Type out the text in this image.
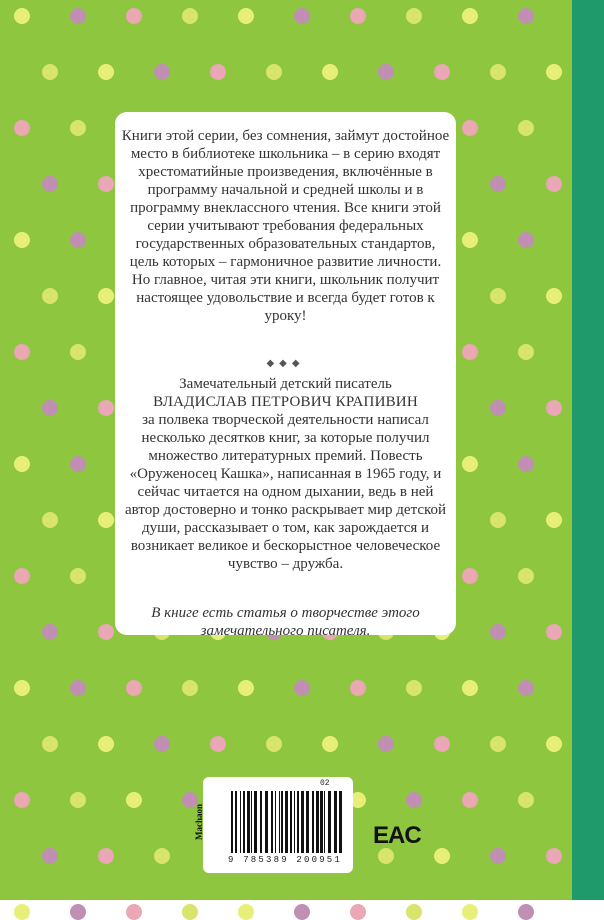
Книги этой серии, без сомнения, займут достойное место в библиотеке школьника – в серию входят хрестоматийные произведения, включённые в программу начальной и средней школы и в программу внеклассного чтения. Все книги этой серии учитывают требования федеральных государственных образовательных стандартов, цель которых – гармоничное развитие личности. Но главное, читая эти книги, школьник получит настоящее удовольствие и всегда будет готов к уроку!

◆◆◆

Замечательный детский писатель
ВЛАДИСЛАВ ПЕТРОВИЧ КРАПИВИН
за полвека творческой деятельности написал несколько десятков книг, за которые получил множество литературных премий. Повесть «Оруженосец Кашка», написанная в 1965 году, и сейчас читается на одном дыхании, ведь в ней автор достоверно и тонко раскрывает мир детской души, рассказывает о том, как зарождается и возникает великое и бескорыстное человеческое чувство – дружба.

В книге есть статья о творчестве этого замечательного писателя.

Machaon
02
9 785389 200951
EAC
